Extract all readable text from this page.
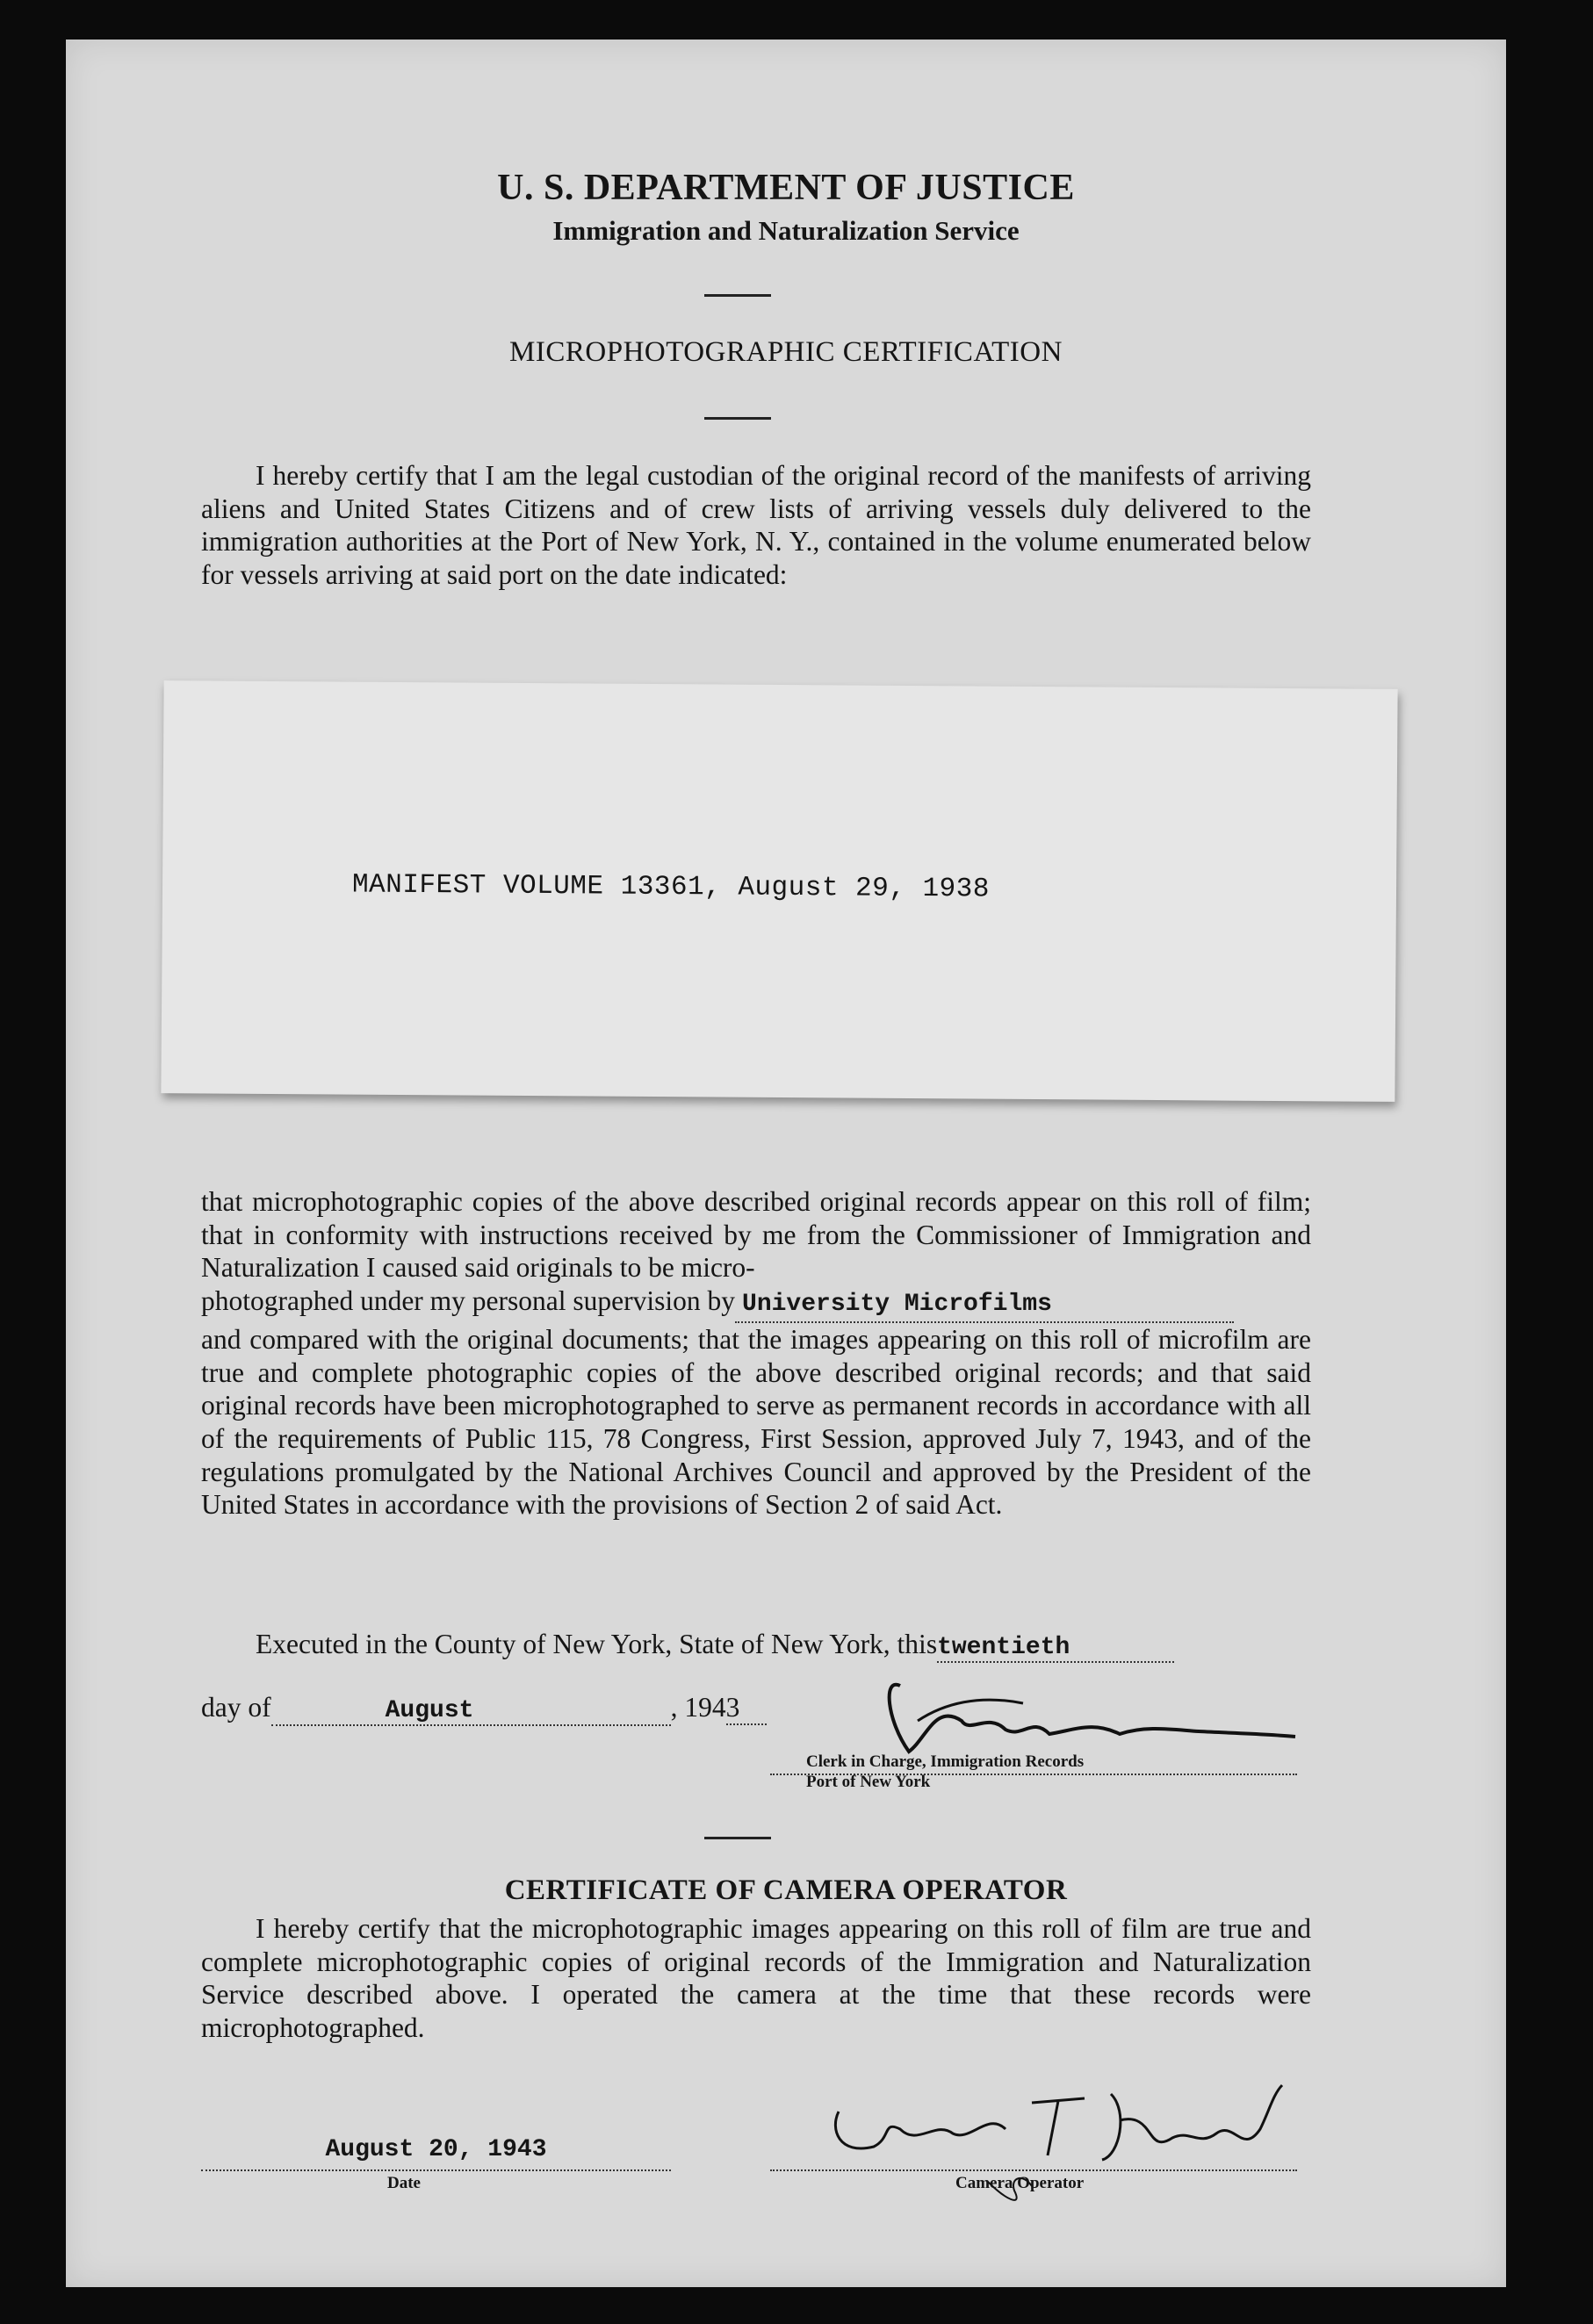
U. S. DEPARTMENT OF JUSTICE
Immigration and Naturalization Service
MICROPHOTOGRAPHIC CERTIFICATION

I hereby certify that I am the legal custodian of the original record of the manifests of arriving aliens and United States Citizens and of crew lists of arriving vessels duly delivered to the immigration authorities at the Port of New York, N. Y., contained in the volume enumerated below for vessels arriving at said port on the date indicated:

MANIFEST VOLUME 13361, August 29, 1938
that microphotographic copies of the above described original records appear on this roll of film; that in conformity with instructions received by me from the Commissioner of Immigration and Naturalization I caused said originals to be micro-
photographed under my personal supervision by University Microfilms
and compared with the original documents; that the images appearing on this roll of microfilm are true and complete photographic copies of the above described original records; and that said original records have been microphotographed to serve as permanent records in accordance with all of the requirements of Public 115, 78 Congress, First Session, approved July 7, 1943, and of the regulations promulgated by the National Archives Council and approved by the President of the United States in accordance with the provisions of Section 2 of said Act.
Executed in the County of New York, State of New York, thistwentieth
day of	August	, 1943
Clerk in Charge, Immigration Records
Port of New York
CERTIFICATE OF CAMERA OPERATOR

I hereby certify that the microphotographic images appearing on this roll of film are true and complete microphotographic copies of original records of the Immigration and Naturalization Service described above. I operated the camera at the time that these records were microphotographed.

August 20, 1943
Date	Camera Operator
